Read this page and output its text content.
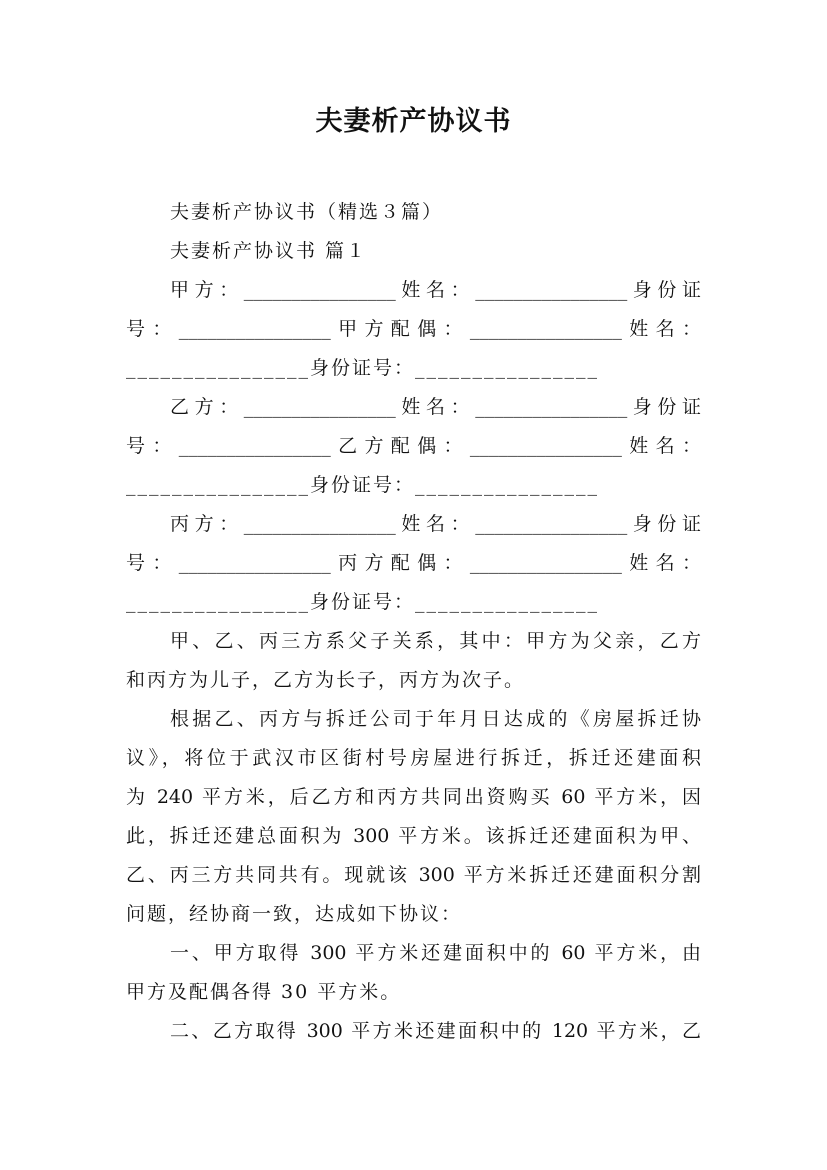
夫妻析产协议书
夫妻析产协议书（精选３篇）
夫妻析产协议书 篇１
甲方：________________姓名：________________身份证
号：________________甲方配偶：________________姓名：
________________身份证号：________________
乙方：________________姓名：________________身份证
号：________________乙方配偶：________________姓名：
________________身份证号：________________
丙方：________________姓名：________________身份证
号：________________丙方配偶：________________姓名：
________________身份证号：________________
甲、乙、丙三方系父子关系，其中：甲方为父亲，乙方
和丙方为儿子，乙方为长子，丙方为次子。
根据乙、丙方与拆迁公司于年月日达成的《房屋拆迁协
议》，将位于武汉市区街村号房屋进行拆迁，拆迁还建面积
为 240 平方米，后乙方和丙方共同出资购买 60 平方米，因
此，拆迁还建总面积为 300 平方米。该拆迁还建面积为甲、
乙、丙三方共同共有。现就该 300 平方米拆迁还建面积分割
问题，经协商一致，达成如下协议：
一、甲方取得 300 平方米还建面积中的 60 平方米，由
甲方及配偶各得 30 平方米。
二、乙方取得 300 平方米还建面积中的 120 平方米，乙
